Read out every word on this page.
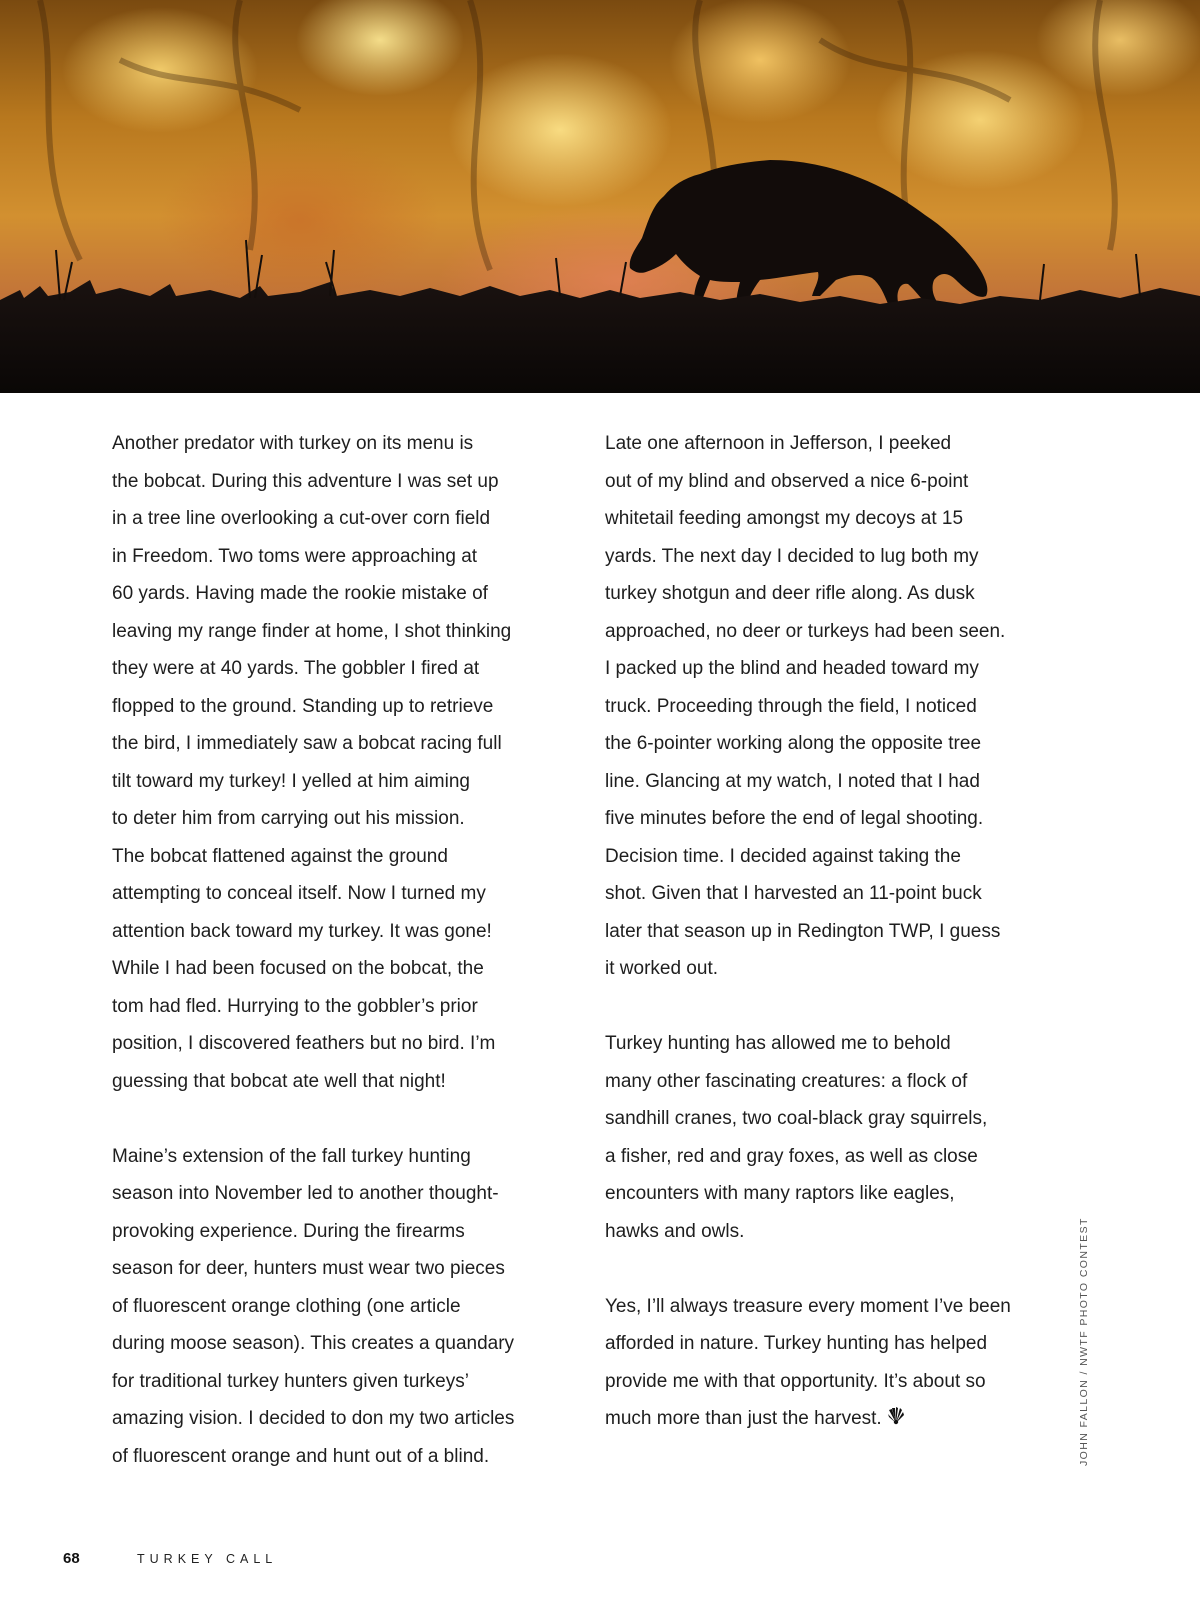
Another predator with turkey on its menu is
the bobcat. During this adventure I was set up
in a tree line overlooking a cut-over corn field
in Freedom. Two toms were approaching at
60 yards. Having made the rookie mistake of
leaving my range finder at home, I shot thinking
they were at 40 yards. The gobbler I fired at
flopped to the ground. Standing up to retrieve
the bird, I immediately saw a bobcat racing full
tilt toward my turkey! I yelled at him aiming
to deter him from carrying out his mission.
The bobcat flattened against the ground
attempting to conceal itself. Now I turned my
attention back toward my turkey. It was gone!
While I had been focused on the bobcat, the
tom had fled. Hurrying to the gobbler’s prior
position, I discovered feathers but no bird. I’m
guessing that bobcat ate well that night!

Maine’s extension of the fall turkey hunting
season into November led to another thought-
provoking experience. During the firearms
season for deer, hunters must wear two pieces
of fluorescent orange clothing (one article
during moose season). This creates a quandary
for traditional turkey hunters given turkeys’
amazing vision. I decided to don my two articles
of fluorescent orange and hunt out of a blind.

Late one afternoon in Jefferson, I peeked
out of my blind and observed a nice 6-point
whitetail feeding amongst my decoys at 15
yards. The next day I decided to lug both my
turkey shotgun and deer rifle along. As dusk
approached, no deer or turkeys had been seen.
I packed up the blind and headed toward my
truck. Proceeding through the field, I noticed
the 6-pointer working along the opposite tree
line. Glancing at my watch, I noted that I had
five minutes before the end of legal shooting.
Decision time. I decided against taking the
shot. Given that I harvested an 11-point buck
later that season up in Redington TWP, I guess
it worked out.

Turkey hunting has allowed me to behold
many other fascinating creatures: a flock of
sandhill cranes, two coal-black gray squirrels,
a fisher, red and gray foxes, as well as close
encounters with many raptors like eagles,
hawks and owls.

Yes, I’ll always treasure every moment I’ve been
afforded in nature. Turkey hunting has helped
provide me with that opportunity. It’s about so
much more than just the harvest.	JOHN FALLON / NWTF PHOTO CONTEST
68	TURKEY CALL
